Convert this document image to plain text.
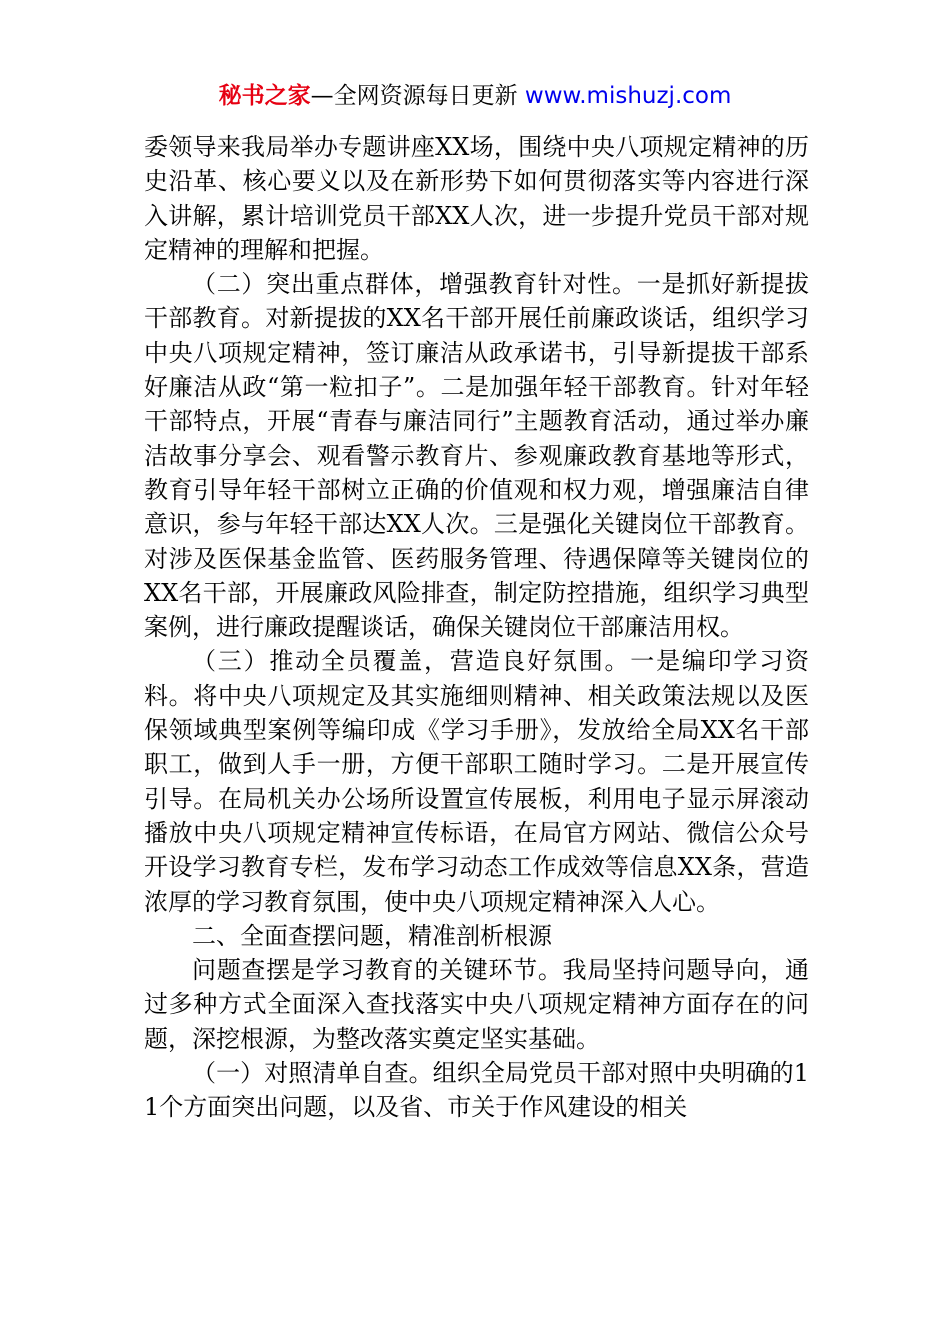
秘书之家—全网资源每日更新 www.mishuzj.com

委领导来我局举办专题讲座XX场，围绕中央八项规定精神的历史沿革、核心要义以及在新形势下如何贯彻落实等内容进行深入讲解，累计培训党员干部XX人次，进一步提升党员干部对规定精神的理解和把握。

（二）突出重点群体，增强教育针对性。一是抓好新提拔干部教育。对新提拔的XX名干部开展任前廉政谈话，组织学习中央八项规定精神，签订廉洁从政承诺书，引导新提拔干部系好廉洁从政“第一粒扣子”。二是加强年轻干部教育。针对年轻干部特点，开展“青春与廉洁同行”主题教育活动，通过举办廉洁故事分享会、观看警示教育片、参观廉政教育基地等形式，教育引导年轻干部树立正确的价值观和权力观，增强廉洁自律意识，参与年轻干部达XX人次。三是强化关键岗位干部教育。对涉及医保基金监管、医药服务管理、待遇保障等关键岗位的XX名干部，开展廉政风险排查，制定防控措施，组织学习典型案例，进行廉政提醒谈话，确保关键岗位干部廉洁用权。

（三）推动全员覆盖，营造良好氛围。一是编印学习资料。将中央八项规定及其实施细则精神、相关政策法规以及医保领域典型案例等编印成《学习手册》，发放给全局XX名干部职工，做到人手一册，方便干部职工随时学习。二是开展宣传引导。在局机关办公场所设置宣传展板，利用电子显示屏滚动播放中央八项规定精神宣传标语，在局官方网站、微信公众号开设学习教育专栏，发布学习动态工作成效等信息XX条，营造浓厚的学习教育氛围，使中央八项规定精神深入人心。

二、全面查摆问题，精准剖析根源

问题查摆是学习教育的关键环节。我局坚持问题导向，通过多种方式全面深入查找落实中央八项规定精神方面存在的问题，深挖根源，为整改落实奠定坚实基础。

（一）对照清单自查。组织全局党员干部对照中央明确的11个方面突出问题，以及省、市关于作风建设的相关
